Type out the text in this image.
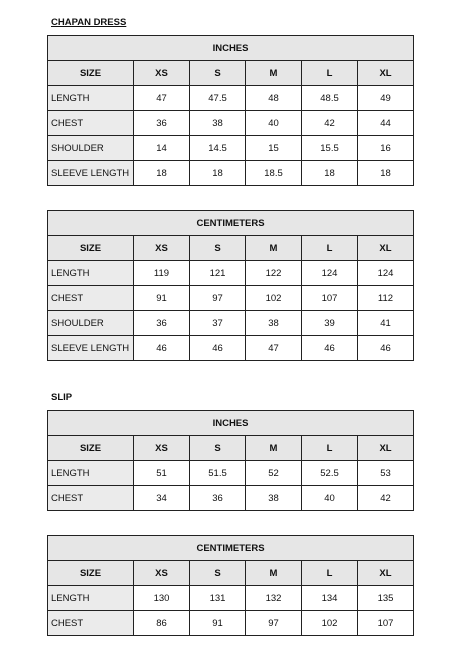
CHAPAN DRESS
INCHES					
SIZE	XS	S	M	L	XL
LENGTH	47	47.5	48	48.5	49
CHEST	36	38	40	42	44
SHOULDER	14	14.5	15	15.5	16
SLEEVE LENGTH	18	18	18.5	18	18
CENTIMETERS					
SIZE	XS	S	M	L	XL
LENGTH	119	121	122	124	124
CHEST	91	97	102	107	112
SHOULDER	36	37	38	39	41
SLEEVE LENGTH	46	46	47	46	46
SLIP
INCHES					
SIZE	XS	S	M	L	XL
LENGTH	51	51.5	52	52.5	53
CHEST	34	36	38	40	42
CENTIMETERS					
SIZE	XS	S	M	L	XL
LENGTH	130	131	132	134	135
CHEST	86	91	97	102	107
